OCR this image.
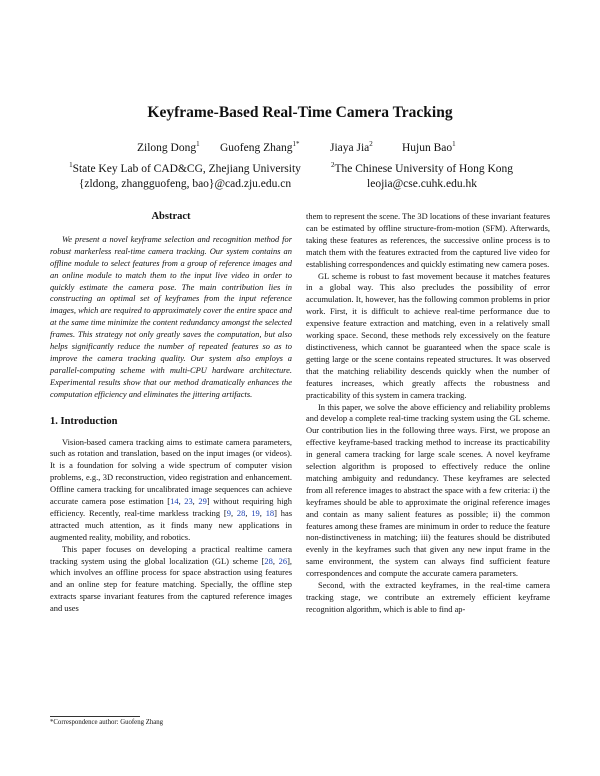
Keyframe-Based Real-Time Camera Tracking
Zilong Dong$^1$ Guofeng Zhang$^{1*}$	Jiaya Jia$^2$	Hujun Bao$^1$
$^1$State Key Lab of CAD&CG, Zhejiang University
{zldong, zhangguofeng, bao}@cad.zju.edu.cn
$^2$The Chinese University of Hong Kong
leojia@cse.cuhk.edu.hk
Abstract

We present a novel keyframe selection and recognition method for robust markerless real-time camera tracking. Our system contains an offline module to select features from a group of reference images and an online module to match them to the input live video in order to quickly estimate the camera pose. The main contribution lies in constructing an optimal set of keyframes from the input reference images, which are required to approximately cover the entire space and at the same time minimize the content redundancy amongst the selected frames. This strategy not only greatly saves the computation, but also helps significantly reduce the number of repeated features so as to improve the camera tracking quality. Our system also employs a parallel-computing scheme with multi-CPU hardware architecture. Experimental results show that our method dramatically enhances the computation efficiency and eliminates the jittering artifacts.

1. Introduction

Vision-based camera tracking aims to estimate camera parameters, such as rotation and translation, based on the input images (or videos). It is a foundation for solving a wide spectrum of computer vision problems, e.g., 3D reconstruction, video registration and enhancement. Offline camera tracking for uncalibrated image sequences can achieve accurate camera pose estimation [14, 23, 29] without requiring high efficiency. Recently, real-time markless tracking [9, 28, 19, 18] has attracted much attention, as it finds many new applications in augmented reality, mobility, and robotics.

This paper focuses on developing a practical realtime camera tracking system using the global localization (GL) scheme [28, 26], which involves an offline process for space abstraction using features and an online step for feature matching. Specially, the offline step extracts sparse invariant features from the captured reference images and uses

*Correspondence author: Guofeng Zhang

them to represent the scene. The 3D locations of these invariant features can be estimated by offline structure-from-motion (SFM). Afterwards, taking these features as references, the successive online process is to match them with the features extracted from the captured live video for establishing correspondences and quickly estimating new camera poses.

GL scheme is robust to fast movement because it matches features in a global way. This also precludes the possibility of error accumulation. It, however, has the following common problems in prior work. First, it is difficult to achieve real-time performance due to expensive feature extraction and matching, even in a relatively small working space. Second, these methods rely excessively on the feature distinctiveness, which cannot be guaranteed when the space scale is getting large or the scene contains repeated structures. It was observed that the matching reliability descends quickly when the number of features increases, which greatly affects the robustness and practicability of this system in camera tracking.

In this paper, we solve the above efficiency and reliability problems and develop a complete real-time tracking system using the GL scheme. Our contribution lies in the following three ways. First, we propose an effective keyframe-based tracking method to increase its practicability in general camera tracking for large scale scenes. A novel keyframe selection algorithm is proposed to effectively reduce the online matching ambiguity and redundancy. These keyframes are selected from all reference images to abstract the space with a few criteria: i) the keyframes should be able to approximate the original reference images and contain as many salient features as possible; ii) the common features among these frames are minimum in order to reduce the feature non-distinctiveness in matching; iii) the features should be distributed evenly in the keyframes such that given any new input frame in the same environment, the system can always find sufficient feature correspondences and compute the accurate camera parameters.

Second, with the extracted keyframes, in the real-time camera tracking stage, we contribute an extremely efficient keyframe recognition algorithm, which is able to find ap-
